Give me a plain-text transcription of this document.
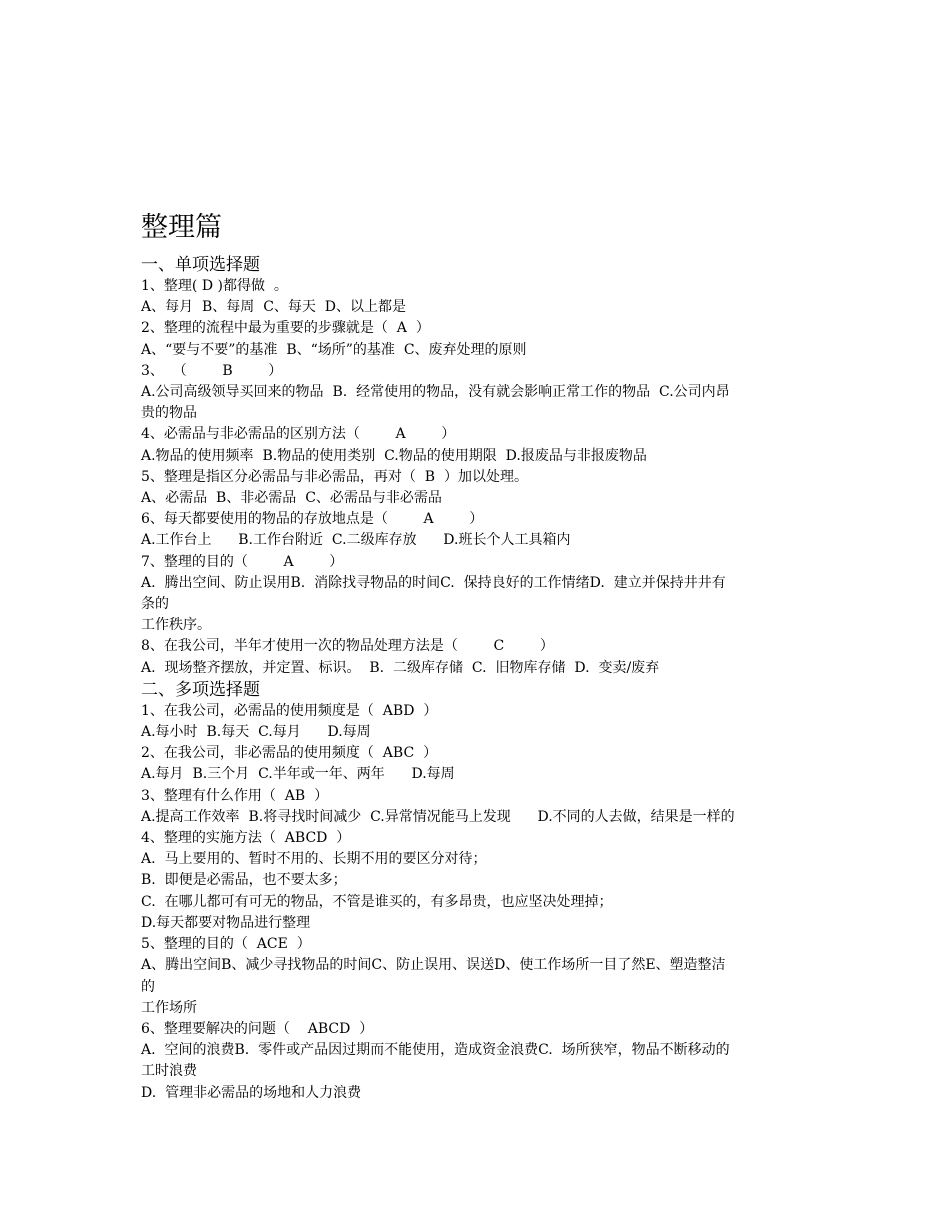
整理篇
一、单项选择题

1、整理( D )都得做  。

A、每月  B、每周  C、每天  D、以上都是

2、整理的流程中最为重要的步骤就是（  A  ）

A、“要与不要”的基准  B、“场所”的基准  C、废弃处理的原则

3、  （        B        ）

A.公司高级领导买回来的物品  B.  经常使用的物品，没有就会影响正常工作的物品  C.公司内昂

贵的物品

4、必需品与非必需品的区别方法（        A        ）

A.物品的使用频率  B.物品的使用类别  C.物品的使用期限  D.报废品与非报废物品

5、整理是指区分必需品与非必需品，再对（  B  ）加以处理。

A、必需品  B、非必需品  C、必需品与非必需品

6、每天都要使用的物品的存放地点是（        A        ）

A.工作台上      B.工作台附近  C.二级库存放      D.班长个人工具箱内

7、整理的目的（        A        ）

A.  腾出空间、防止误用B.  消除找寻物品的时间C.  保持良好的工作情绪D.  建立并保持井井有

条的

工作秩序。

8、在我公司，半年才使用一次的物品处理方法是（        C        ）

A.  现场整齐摆放，并定置、标识。  B.  二级库存储  C.  旧物库存储  D.  变卖/废弃

二、多项选择题

1、在我公司，必需品的使用频度是（  ABD  ）

A.每小时  B.每天  C.每月      D.每周

2、在我公司，非必需品的使用频度（  ABC  ）

A.每月  B.三个月  C.半年或一年、两年      D.每周

3、整理有什么作用（  AB  ）

A.提高工作效率  B.将寻找时间减少  C.异常情况能马上发现      D.不同的人去做，结果是一样的

4、整理的实施方法（  ABCD  ）

A.  马上要用的、暂时不用的、长期不用的要区分对待；

B.  即便是必需品，也不要太多；

C.  在哪儿都可有可无的物品，不管是谁买的，有多昂贵，也应坚决处理掉；

D.每天都要对物品进行整理

5、整理的目的（  ACE  ）

A、腾出空间B、减少寻找物品的时间C、防止误用、误送D、使工作场所一目了然E、塑造整洁

的

工作场所

6、整理要解决的问题（    ABCD  ）

A.  空间的浪费B.  零件或产品因过期而不能使用，造成资金浪费C.  场所狭窄，物品不断移动的

工时浪费

D.  管理非必需品的场地和人力浪费
